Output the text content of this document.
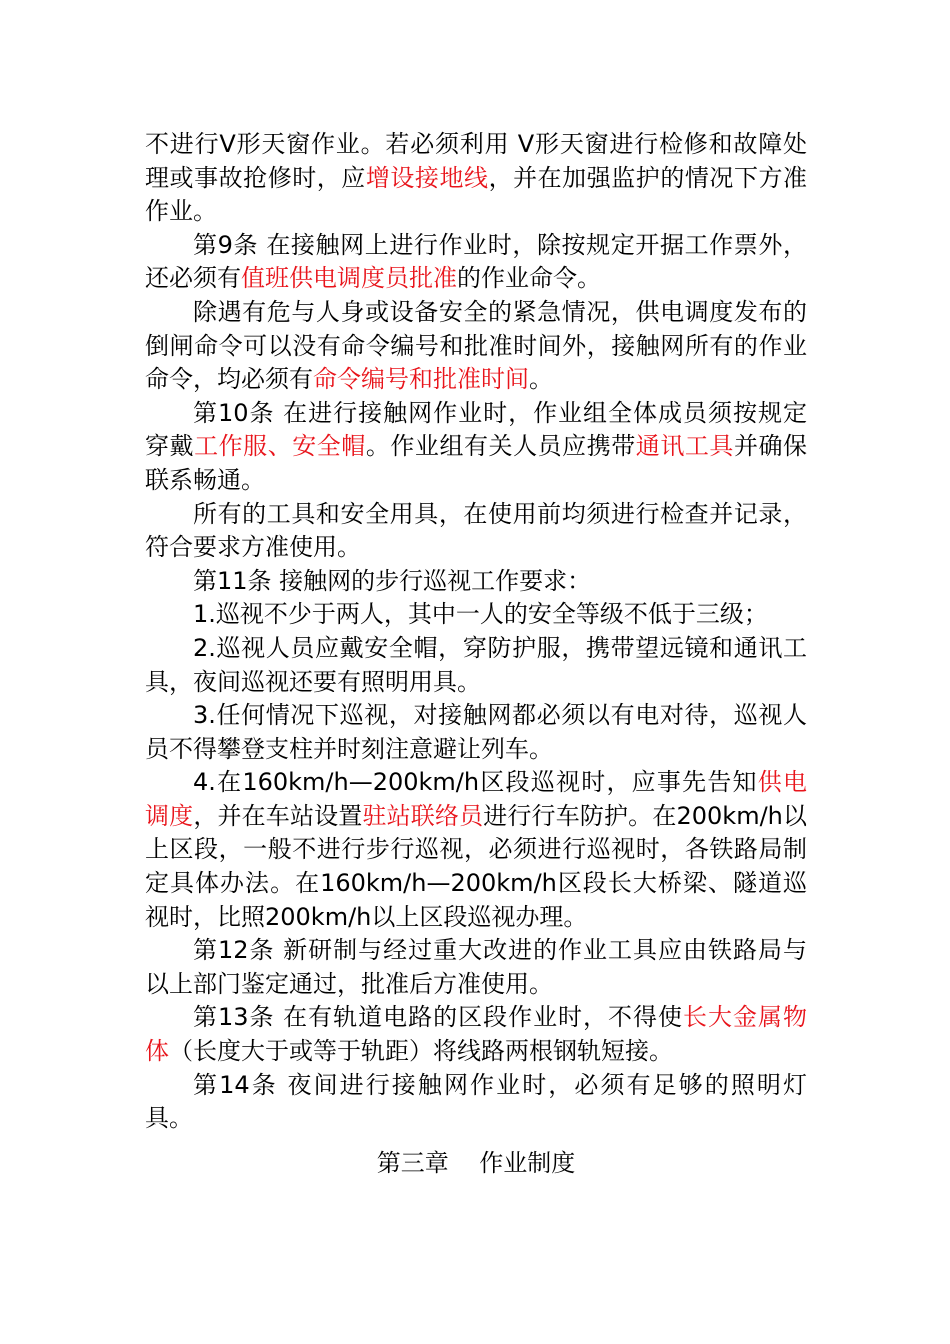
不进行V形天窗作业。若必须利用 V形天窗进行检修和故障处理或事故抢修时，应增设接地线，并在加强监护的情况下方准作业。

第9条 在接触网上进行作业时，除按规定开据工作票外，还必须有值班供电调度员批准的作业命令。

除遇有危与人身或设备安全的紧急情况，供电调度发布的倒闸命令可以没有命令编号和批准时间外，接触网所有的作业命令，均必须有命令编号和批准时间。

第10条 在进行接触网作业时，作业组全体成员须按规定穿戴工作服、安全帽。作业组有关人员应携带通讯工具并确保联系畅通。

所有的工具和安全用具，在使用前均须进行检查并记录，符合要求方准使用。

第11条 接触网的步行巡视工作要求：

1.巡视不少于两人，其中一人的安全等级不低于三级；

2.巡视人员应戴安全帽，穿防护服，携带望远镜和通讯工具，夜间巡视还要有照明用具。

3.任何情况下巡视，对接触网都必须以有电对待，巡视人员不得攀登支柱并时刻注意避让列车。

4.在160km/h—200km/h区段巡视时，应事先告知供电调度，并在车站设置驻站联络员进行行车防护。在200km/h以上区段，一般不进行步行巡视，必须进行巡视时，各铁路局制定具体办法。在160km/h—200km/h区段长大桥梁、隧道巡视时，比照200km/h以上区段巡视办理。

第12条 新研制与经过重大改进的作业工具应由铁路局与以上部门鉴定通过，批准后方准使用。

第13条 在有轨道电路的区段作业时，不得使长大金属物体（长度大于或等于轨距）将线路两根钢轨短接。

第14条 夜间进行接触网作业时，必须有足够的照明灯具。

第三章    作业制度
